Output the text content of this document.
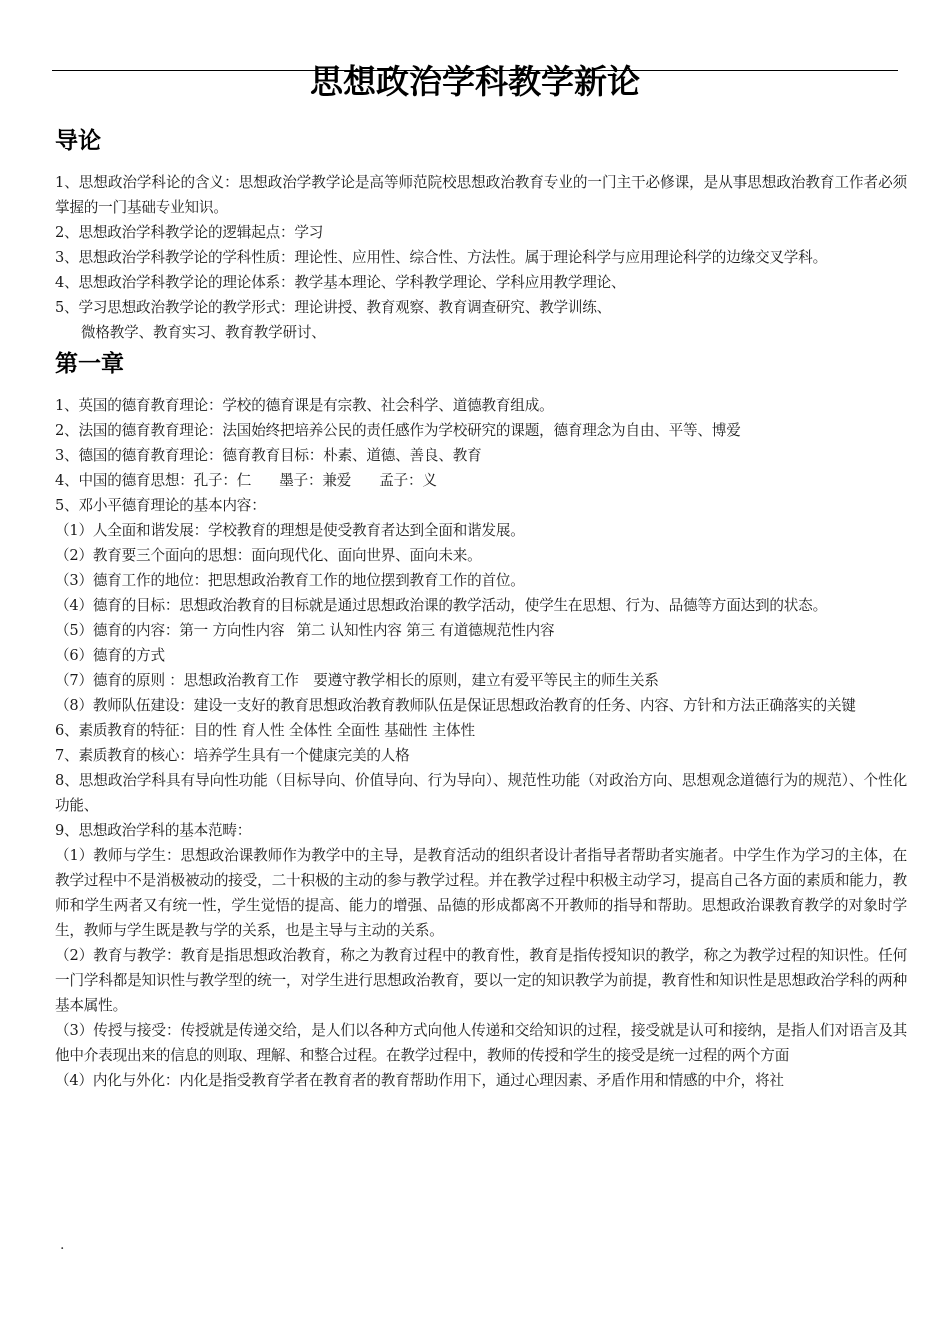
思想政治学科教学新论
导论

1、思想政治学科论的含义：思想政治学教学论是高等师范院校思想政治教育专业的一门主干必修课，是从事思想政治教育工作者必须掌握的一门基础专业知识。

2、思想政治学科教学论的逻辑起点：学习

3、思想政治学科教学论的学科性质：理论性、应用性、综合性、方法性。属于理论科学与应用理论科学的边缘交叉学科。

4、思想政治学科教学论的理论体系：教学基本理论、学科教学理论、学科应用教学理论、

5、学习思想政治教学论的教学形式：理论讲授、教育观察、教育调查研究、教学训练、

微格教学、教育实习、教育教学研讨、

第一章

1、英国的德育教育理论：学校的德育课是有宗教、社会科学、道德教育组成。

2、法国的德育教育理论：法国始终把培养公民的责任感作为学校研究的课题，德育理念为自由、平等、博爱

3、德国的德育教育理论：德育教育目标：朴素、道德、善良、教育

4、中国的德育思想：孔子：仁 墨子：兼爱 孟子：义

5、邓小平德育理论的基本内容：

（1）人全面和谐发展：学校教育的理想是使受教育者达到全面和谐发展。

（2）教育要三个面向的思想：面向现代化、面向世界、面向未来。

（3）德育工作的地位：把思想政治教育工作的地位摆到教育工作的首位。

（4）德育的目标：思想政治教育的目标就是通过思想政治课的教学活动，使学生在思想、行为、品德等方面达到的状态。

（5）德育的内容：第一 方向性内容 第二 认知性内容 第三 有道德规范性内容

（6）德育的方式

（7）德育的原则 ：思想政治教育工作　要遵守教学相长的原则，建立有爱平等民主的师生关系

（8）教师队伍建设：建设一支好的教育思想政治教育教师队伍是保证思想政治教育的任务、内容、方针和方法正确落实的关键

6、素质教育的特征：目的性 育人性 全体性 全面性 基础性 主体性

7、素质教育的核心：培养学生具有一个健康完美的人格

8、思想政治学科具有导向性功能（目标导向、价值导向、行为导向）、规范性功能（对政治方向、思想观念道德行为的规范）、个性化功能、

9、思想政治学科的基本范畴：

（1）教师与学生：思想政治课教师作为教学中的主导，是教育活动的组织者设计者指导者帮助者实施者。中学生作为学习的主体，在教学过程中不是消极被动的接受，二十积极的主动的参与教学过程。并在教学过程中积极主动学习，提高自己各方面的素质和能力，教师和学生两者又有统一性，学生觉悟的提高、能力的增强、品德的形成都离不开教师的指导和帮助。思想政治课教育教学的对象时学生，教师与学生既是教与学的关系，也是主导与主动的关系。

（2）教育与教学：教育是指思想政治教育，称之为教育过程中的教育性，教育是指传授知识的教学，称之为教学过程的知识性。任何一门学科都是知识性与教学型的统一，对学生进行思想政治教育，要以一定的知识教学为前提，教育性和知识性是思想政治学科的两种基本属性。

（3）传授与接受：传授就是传递交给，是人们以各种方式向他人传递和交给知识的过程，接受就是认可和接纳，是指人们对语言及其他中介表现出来的信息的则取、理解、和整合过程。在教学过程中，教师的传授和学生的接受是统一过程的两个方面

（4）内化与外化：内化是指受教育学者在教育者的教育帮助作用下，通过心理因素、矛盾作用和情感的中介，将社

.
